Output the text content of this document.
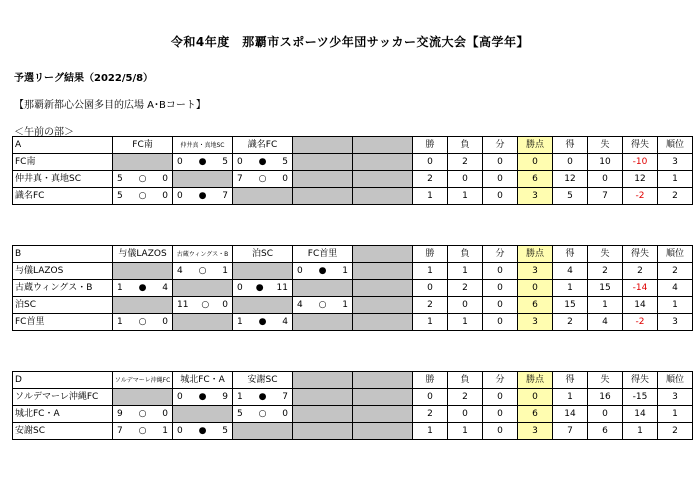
令和4年度　那覇市スポーツ少年団サッカー交流大会【高学年】
予選リーグ結果（2022/5/8）
【那覇新都心公園多目的広場 A･Bコート】
＜午前の部＞
A	FC南	仲井真・真地SC	識名FC			勝	負	分	勝点	得	失	得失	順位
FC南		0 ● 5	0 ● 5			0	2	0	0	0	10	-10	3
仲井真・真地SC	5 ○ 0		7 ○ 0			2	0	0	6	12	0	12	1
識名FC	5 ○ 0	0 ● 7				1	1	0	3	5	7	-2	2
B	与儀LAZOS	古蔵ウィングス・B	泊SC	FC首里		勝	負	分	勝点	得	失	得失	順位
与儀LAZOS		4 ○ 1		0 ● 1		1	1	0	3	4	2	2	2
古蔵ウィングス・B	1 ● 4		0 ● 11			0	2	0	0	1	15	-14	4
泊SC		11 ○ 0		4 ○ 1		2	0	0	6	15	1	14	1
FC首里	1 ○ 0		1 ● 4			1	1	0	3	2	4	-2	3
D	ソルデマーレ沖縄FC	城北FC・A	安謝SC			勝	負	分	勝点	得	失	得失	順位
ソルデマーレ沖縄FC		0 ● 9	1 ● 7			0	2	0	0	1	16	-15	3
城北FC・A	9 ○ 0		5 ○ 0			2	0	0	6	14	0	14	1
安謝SC	7 ○ 1	0 ● 5				1	1	0	3	7	6	1	2
